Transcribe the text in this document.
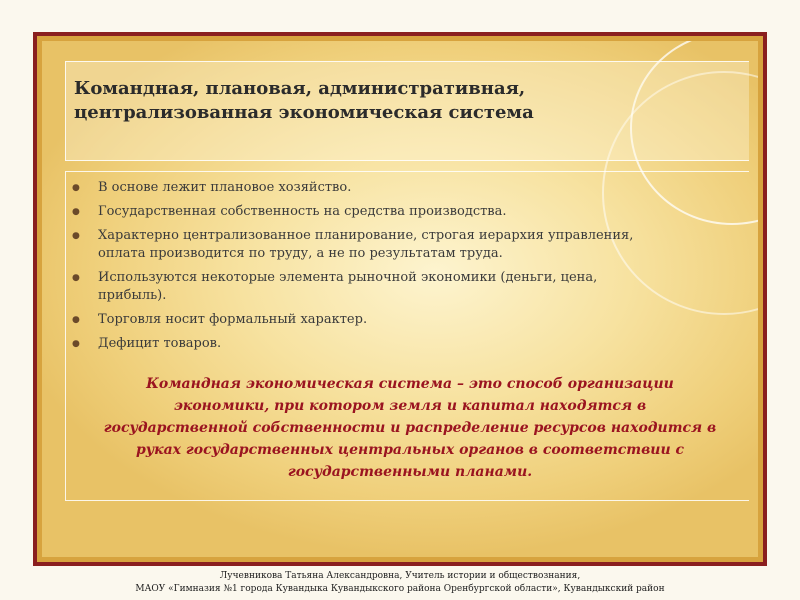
Командная, плановая, административная,
централизованная экономическая система
●	В основе лежит плановое хозяйство.
●	Государственная собственность на средства производства.
●	Характерно централизованное планирование, строгая иерархия управления,
оплата производится по труду, а не по результатам труда.
●	Используются некоторые элемента рыночной экономики (деньги, цена,
прибыль).
●	Торговля носит формальный характер.
●	Дефицит товаров.

Командная экономическая система – это способ организации
экономики, при котором земля и капитал находятся в
государственной собственности и распределение ресурсов находится в
руках государственных центральных органов в соответствии с
государственными планами.

Лучевникова Татьяна Александровна, Учитель истории и обществознания,
МАОУ «Гимназия №1 города Кувандыка Кувандыкского района Оренбургской области», Кувандыкский район
